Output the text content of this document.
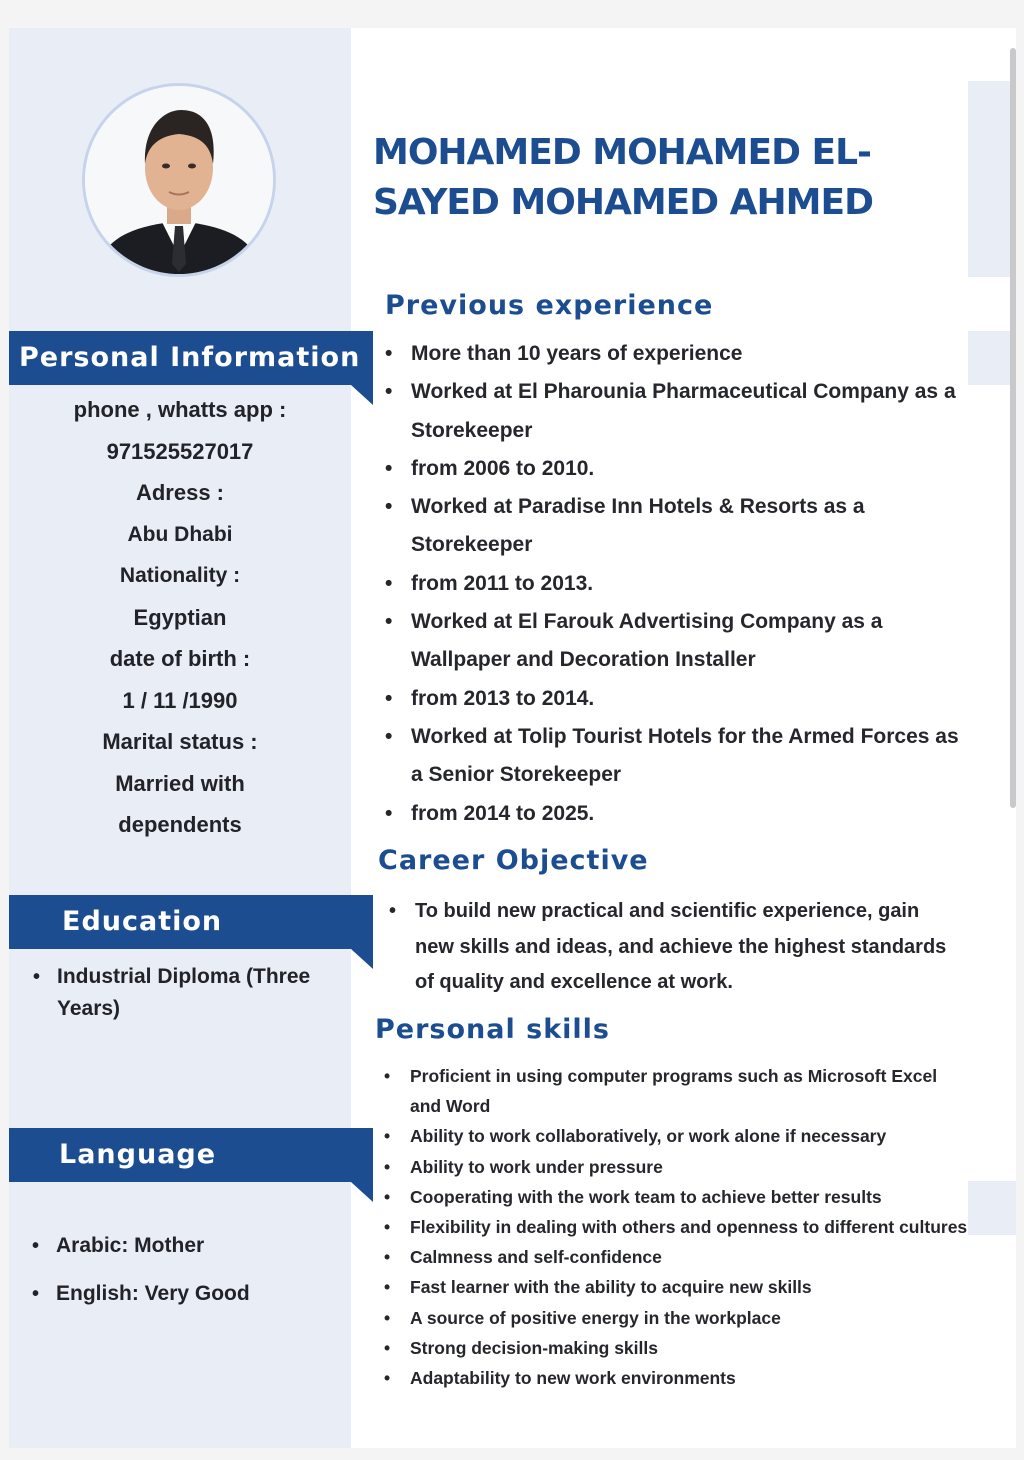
Personal Information
phone , whatts app :
971525527017
Adress :
Abu Dhabi
Nationality :
Egyptian
date of birth :
1 / 11 /1990
Marital status :
Married with
dependents
Education
• Industrial Diploma (Three Years)
Language
• Arabic: Mother
• English: Very Good
MOHAMED MOHAMED EL-
SAYED MOHAMED AHMED
Previous experience
• More than 10 years of experience
• Worked at El Pharounia Pharmaceutical Company as a Storekeeper
• from 2006 to 2010.
• Worked at Paradise Inn Hotels & Resorts as a Storekeeper
• from 2011 to 2013.
• Worked at El Farouk Advertising Company as a Wallpaper and Decoration Installer
• from 2013 to 2014.
• Worked at Tolip Tourist Hotels for the Armed Forces as a Senior Storekeeper
• from 2014 to 2025.
Career Objective
• To build new practical and scientific experience, gain new skills and ideas, and achieve the highest standards of quality and excellence at work.
Personal skills
• Proficient in using computer programs such as Microsoft Excel and Word
• Ability to work collaboratively, or work alone if necessary
• Ability to work under pressure
• Cooperating with the work team to achieve better results
• Flexibility in dealing with others and openness to different cultures
• Calmness and self-confidence
• Fast learner with the ability to acquire new skills
• A source of positive energy in the workplace
• Strong decision-making skills
• Adaptability to new work environments
